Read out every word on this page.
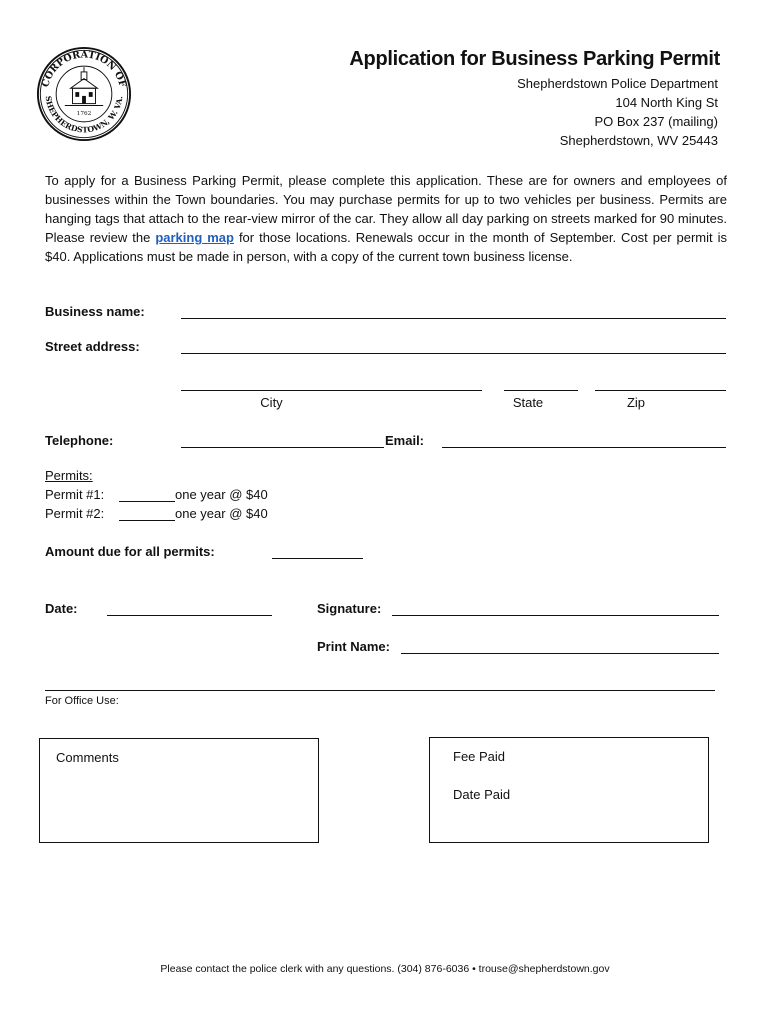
CORPORATION OF
SHEPHERDSTOWN, W. VA.
1762
Application for Business Parking Permit
Shepherdstown Police Department
104 North King St
PO Box 237 (mailing)
Shepherdstown, WV 25443
To apply for a Business Parking Permit, please complete this application. These are for owners and employees of businesses within the Town boundaries. You may purchase permits for up to two vehicles per business. Permits are hanging tags that attach to the rear-view mirror of the car. They allow all day parking on streets marked for 90 minutes. Please review the parking map for those locations. Renewals occur in the month of September. Cost per permit is $40. Applications must be made in person, with a copy of the current town business license.
Business name:
Street address:
City	State	Zip
Telephone:	Email:
Permits:
Permit #1:	one year @ $40
Permit #2:	one year @ $40
Amount due for all permits:
Date:	Signature:
Print Name:
For Office Use:
Comments	Fee Paid
Date Paid
Please contact the police clerk with any questions. (304) 876-6036 • trouse@shepherdstown.gov
